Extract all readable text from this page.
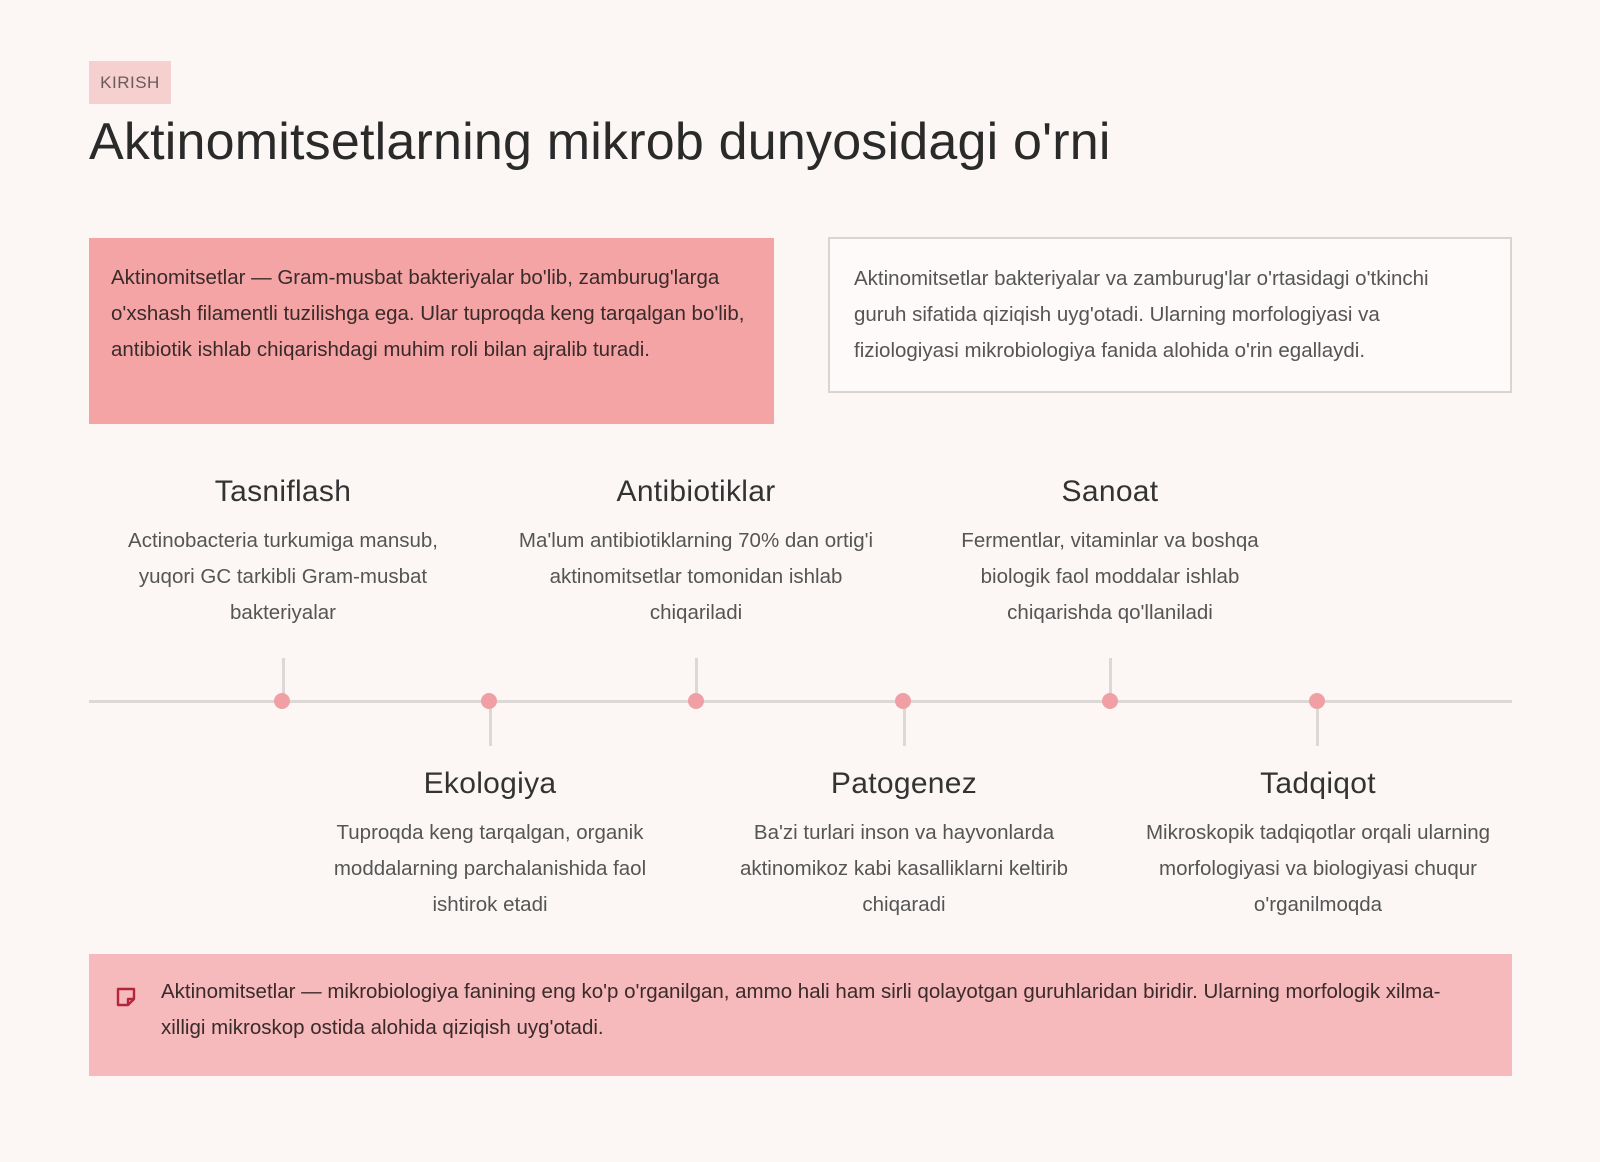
KIRISH
Aktinomitsetlarning mikrob dunyosidagi o'rni
Aktinomitsetlar — Gram-musbat bakteriyalar bo'lib, zamburug'larga o'xshash filamentli tuzilishga ega. Ular tuproqda keng tarqalgan bo'lib, antibiotik ishlab chiqarishdagi muhim roli bilan ajralib turadi.
Aktinomitsetlar bakteriyalar va zamburug'lar o'rtasidagi o'tkinchi guruh sifatida qiziqish uyg'otadi. Ularning morfologiyasi va fiziologiyasi mikrobiologiya fanida alohida o'rin egallaydi.
Tasniflash
Actinobacteria turkumiga mansub, yuqori GC tarkibli Gram-musbat bakteriyalar
Ekologiya
Tuproqda keng tarqalgan, organik moddalarning parchalanishida faol ishtirok etadi
Antibiotiklar
Ma'lum antibiotiklarning 70% dan ortig'i aktinomitsetlar tomonidan ishlab chiqariladi
Patogenez
Ba'zi turlari inson va hayvonlarda aktinomikoz kabi kasalliklarni keltirib chiqaradi
Sanoat
Fermentlar, vitaminlar va boshqa biologik faol moddalar ishlab chiqarishda qo'llaniladi
Tadqiqot
Mikroskopik tadqiqotlar orqali ularning morfologiyasi va biologiyasi chuqur o'rganilmoqda
Aktinomitsetlar — mikrobiologiya fanining eng ko'p o'rganilgan, ammo hali ham sirli qolayotgan guruhlaridan biridir. Ularning morfologik xilma-xilligi mikroskop ostida alohida qiziqish uyg'otadi.
